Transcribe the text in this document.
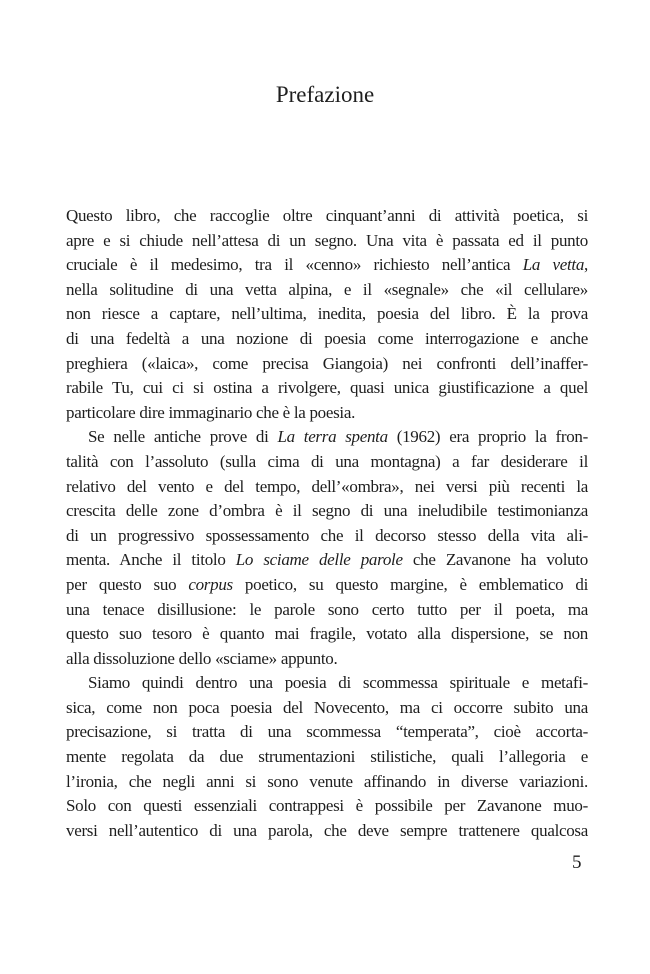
Prefazione
Questo libro, che raccoglie oltre cinquant’anni di attività poetica, si
apre e si chiude nell’attesa di un segno. Una vita è passata ed il punto
cruciale è il medesimo, tra il «cenno» richiesto nell’antica La vetta,
nella solitudine di una vetta alpina, e il «segnale» che «il cellulare»
non riesce a captare, nell’ultima, inedita, poesia del libro. È la prova
di una fedeltà a una nozione di poesia come interrogazione e anche
preghiera («laica», come precisa Giangoia) nei confronti dell’inaffer-
rabile Tu, cui ci si ostina a rivolgere, quasi unica giustificazione a quel
particolare dire immaginario che è la poesia.
Se nelle antiche prove di La terra spenta (1962) era proprio la fron-
talità con l’assoluto (sulla cima di una montagna) a far desiderare il
relativo del vento e del tempo, dell’«ombra», nei versi più recenti la
crescita delle zone d’ombra è il segno di una ineludibile testimonianza
di un progressivo spossessamento che il decorso stesso della vita ali-
menta. Anche il titolo Lo sciame delle parole che Zavanone ha voluto
per questo suo corpus poetico, su questo margine, è emblematico di
una tenace disillusione: le parole sono certo tutto per il poeta, ma
questo suo tesoro è quanto mai fragile, votato alla dispersione, se non
alla dissoluzione dello «sciame» appunto.
Siamo quindi dentro una poesia di scommessa spirituale e metafi-
sica, come non poca poesia del Novecento, ma ci occorre subito una
precisazione, si tratta di una scommessa “temperata”, cioè accorta-
mente regolata da due strumentazioni stilistiche, quali l’allegoria e
l’ironia, che negli anni si sono venute affinando in diverse variazioni.
Solo con questi essenziali contrappesi è possibile per Zavanone muo-
versi nell’autentico di una parola, che deve sempre trattenere qualcosa
5
